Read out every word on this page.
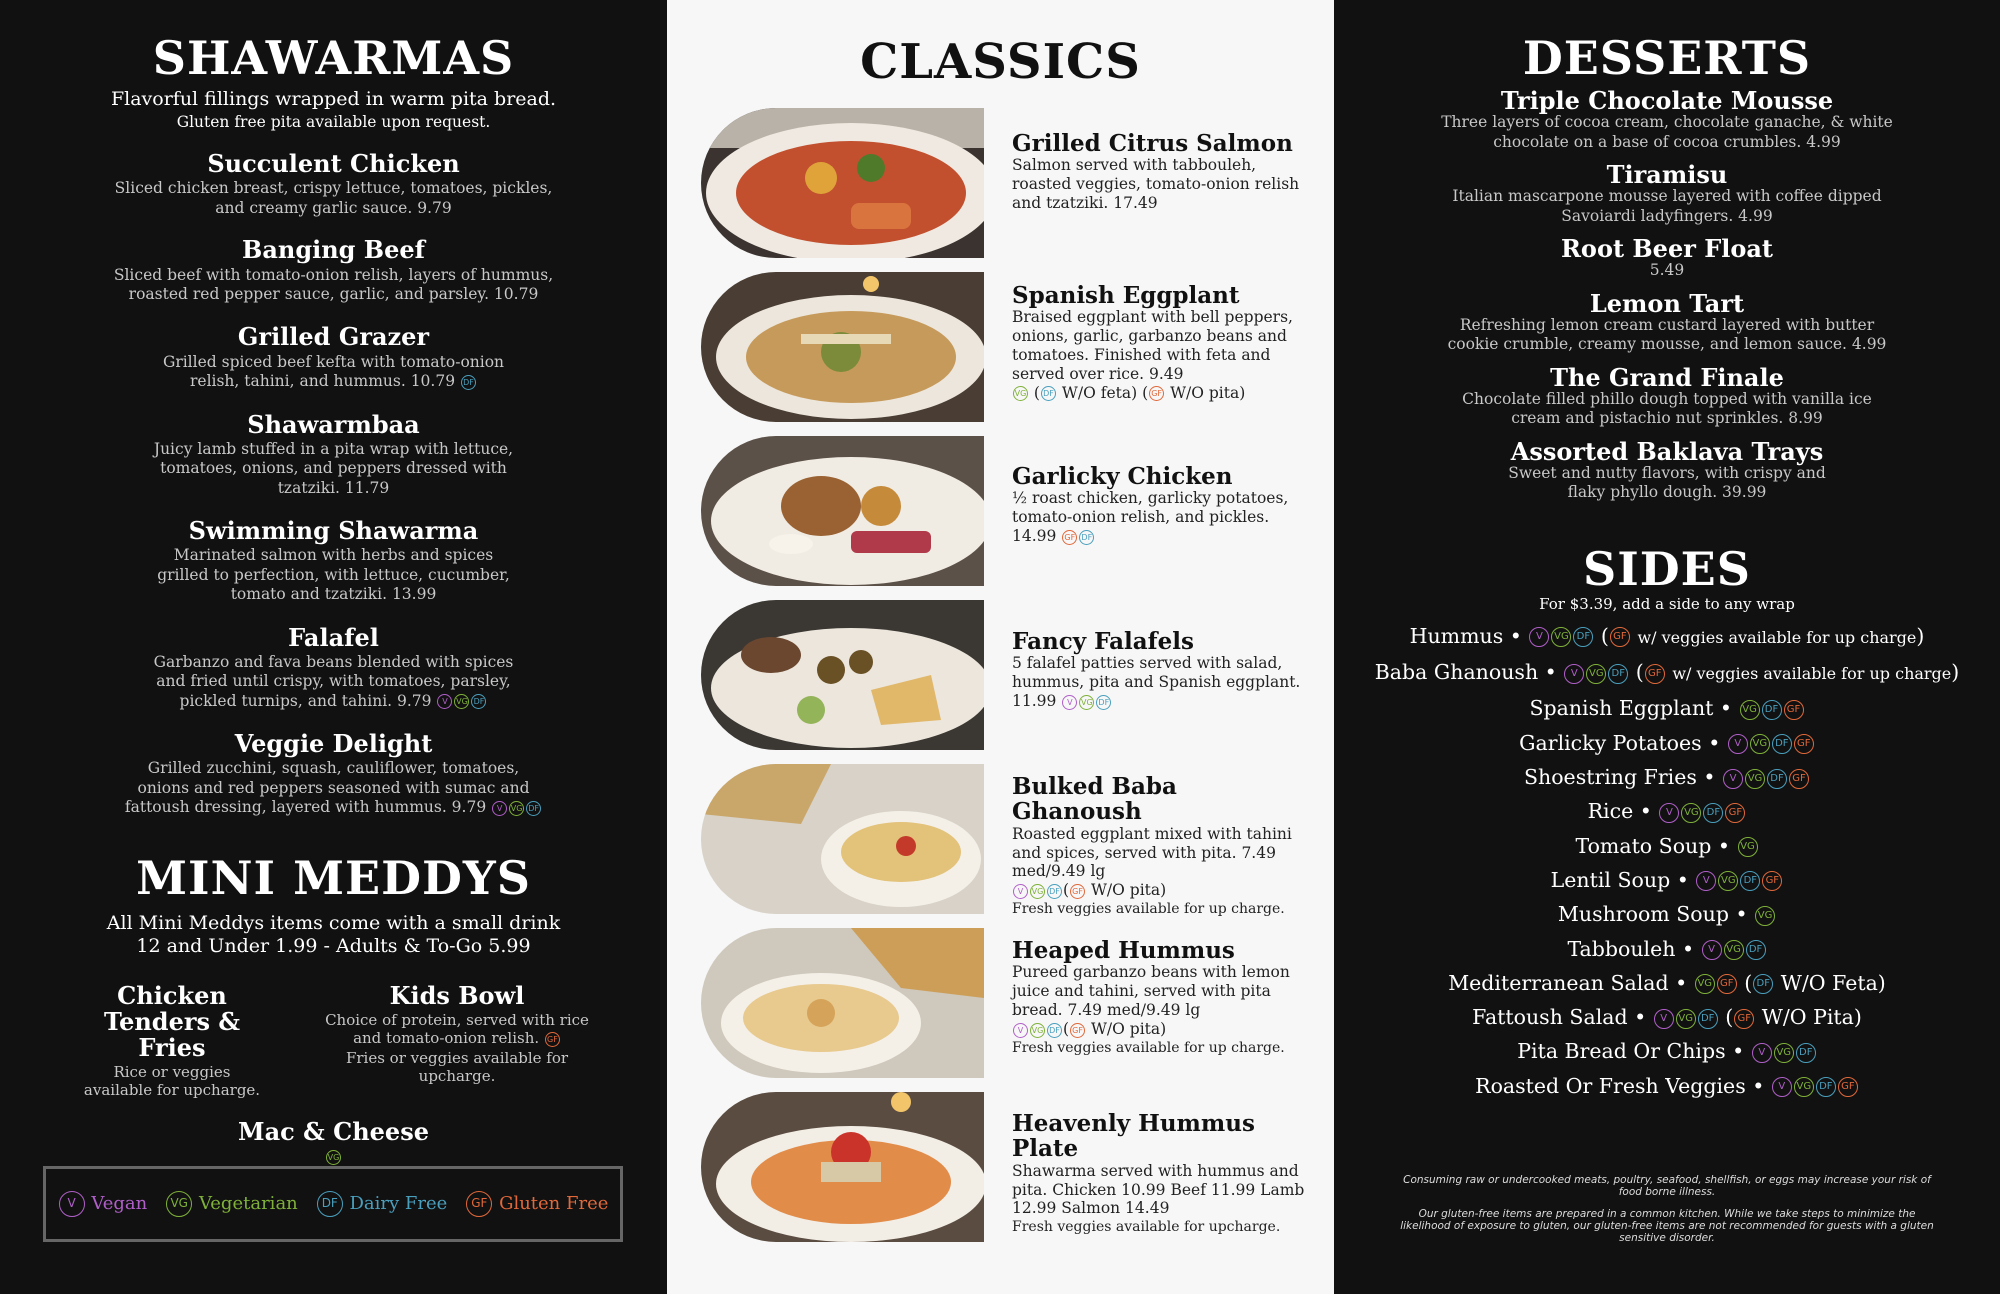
SHAWARMAS
Flavorful fillings wrapped in warm pita bread.
Gluten free pita available upon request.
Succulent Chicken
Sliced chicken breast, crispy lettuce, tomatoes, pickles, and creamy garlic sauce. 9.79
Banging Beef
Sliced beef with tomato-onion relish, layers of hummus, roasted red pepper sauce, garlic, and parsley. 10.79
Grilled Grazer
Grilled spiced beef kefta with tomato-onion relish, tahini, and hummus. 10.79 DF
Shawarmbaa
Juicy lamb stuffed in a pita wrap with lettuce, tomatoes, onions, and peppers dressed with tzatziki. 11.79
Swimming Shawarma
Marinated salmon with herbs and spices grilled to perfection, with lettuce, cucumber, tomato and tzatziki. 13.99
Falafel
Garbanzo and fava beans blended with spices and fried until crispy, with tomatoes, parsley, pickled turnips, and tahini. 9.79 V VG DF
Veggie Delight
Grilled zucchini, squash, cauliflower, tomatoes, onions and red peppers seasoned with sumac and fattoush dressing, layered with hummus. 9.79 V VG DF
MINI MEDDYS
All Mini Meddys items come with a small drink
12 and Under 1.99 - Adults & To-Go 5.99
Chicken Tenders & Fries
Rice or veggies available for upcharge.
Kids Bowl
Choice of protein, served with rice and tomato-onion relish. GF
Fries or veggies available for upcharge.
Mac & Cheese
VG
V Vegan	VG Vegetarian	DF Dairy Free	GF Gluten Free
CLASSICS
Grilled Citrus Salmon
Salmon served with tabbouleh, roasted veggies, tomato-onion relish and tzatziki. 17.49
Spanish Eggplant
Braised eggplant with bell peppers, onions, garlic, garbanzo beans and tomatoes. Finished with feta and served over rice. 9.49
VG ( DF W/O feta) ( GF W/O pita)
Garlicky Chicken
½ roast chicken, garlicky potatoes, tomato-onion relish, and pickles. 14.99 GF DF
Fancy Falafels
5 falafel patties served with salad, hummus, pita and Spanish eggplant. 11.99 V VG DF
Bulked Baba Ghanoush
Roasted eggplant mixed with tahini and spices, served with pita. 7.49 med/9.49 lg
V VG DF ( GF W/O pita)
Fresh veggies available for up charge.
Heaped Hummus
Pureed garbanzo beans with lemon juice and tahini, served with pita bread. 7.49 med/9.49 lg
V VG DF ( GF W/O pita)
Fresh veggies available for up charge.
Heavenly Hummus Plate
Shawarma served with hummus and pita. Chicken 10.99 Beef 11.99 Lamb 12.99 Salmon 14.49
Fresh veggies available for upcharge.
DESSERTS
Triple Chocolate Mousse
Three layers of cocoa cream, chocolate ganache, & white chocolate on a base of cocoa crumbles. 4.99
Tiramisu
Italian mascarpone mousse layered with coffee dipped Savoiardi ladyfingers. 4.99
Root Beer Float
5.49
Lemon Tart
Refreshing lemon cream custard layered with butter cookie crumble, creamy mousse, and lemon sauce. 4.99
The Grand Finale
Chocolate filled phillo dough topped with vanilla ice cream and pistachio nut sprinkles. 8.99
Assorted Baklava Trays
Sweet and nutty flavors, with crispy and flaky phyllo dough. 39.99
SIDES
For $3.39, add a side to any wrap
Hummus • V VG DF ( GF w/ veggies available for up charge)
Baba Ghanoush • V VG DF ( GF w/ veggies available for up charge)
Spanish Eggplant • VG DF GF
Garlicky Potatoes • V VG DF GF
Shoestring Fries • V VG DF GF
Rice • V VG DF GF
Tomato Soup • VG
Lentil Soup • V VG DF GF
Mushroom Soup • VG
Tabbouleh • V VG DF
Mediterranean Salad • VG GF ( DF W/O Feta)
Fattoush Salad • V VG DF ( GF W/O Pita)
Pita Bread Or Chips • V VG DF
Roasted Or Fresh Veggies • V VG DF GF
Consuming raw or undercooked meats, poultry, seafood, shellfish, or eggs may increase your risk of food borne illness.
Our gluten-free items are prepared in a common kitchen. While we take steps to minimize the likelihood of exposure to gluten, our gluten-free items are not recommended for guests with a gluten sensitive disorder.
